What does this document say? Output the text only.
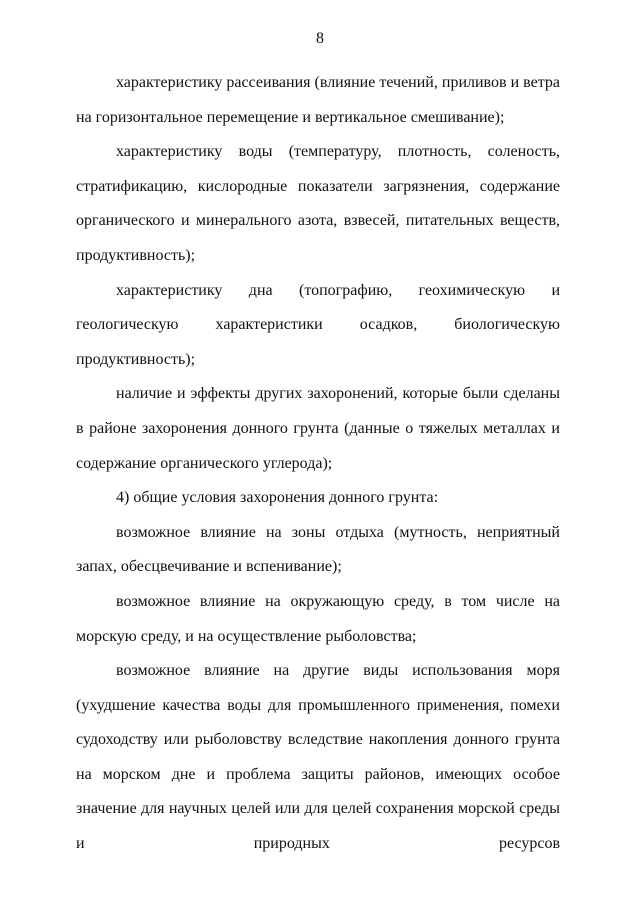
8

характеристику рассеивания (влияние течений, приливов и ветра на горизонтальное перемещение и вертикальное смешивание);

характеристику воды (температуру, плотность, соленость, стратификацию, кислородные показатели загрязнения, содержание органического и минерального азота, взвесей, питательных веществ, продуктивность);

характеристику дна (топографию, геохимическую и геологическую характеристики осадков, биологическую продуктивность);

наличие и эффекты других захоронений, которые были сделаны в районе захоронения донного грунта (данные о тяжелых металлах и содержание органического углерода);

4) общие условия захоронения донного грунта:

возможное влияние на зоны отдыха (мутность, неприятный запах, обесцвечивание и вспенивание);

возможное влияние на окружающую среду, в том числе на морскую среду, и на осуществление рыболовства;

возможное влияние на другие виды использования моря (ухудшение качества воды для промышленного применения, помехи судоходству или рыболовству вследствие накопления донного грунта на морском дне и проблема защиты районов, имеющих особое значение для научных целей или для целей сохранения морской среды и природных ресурсов
